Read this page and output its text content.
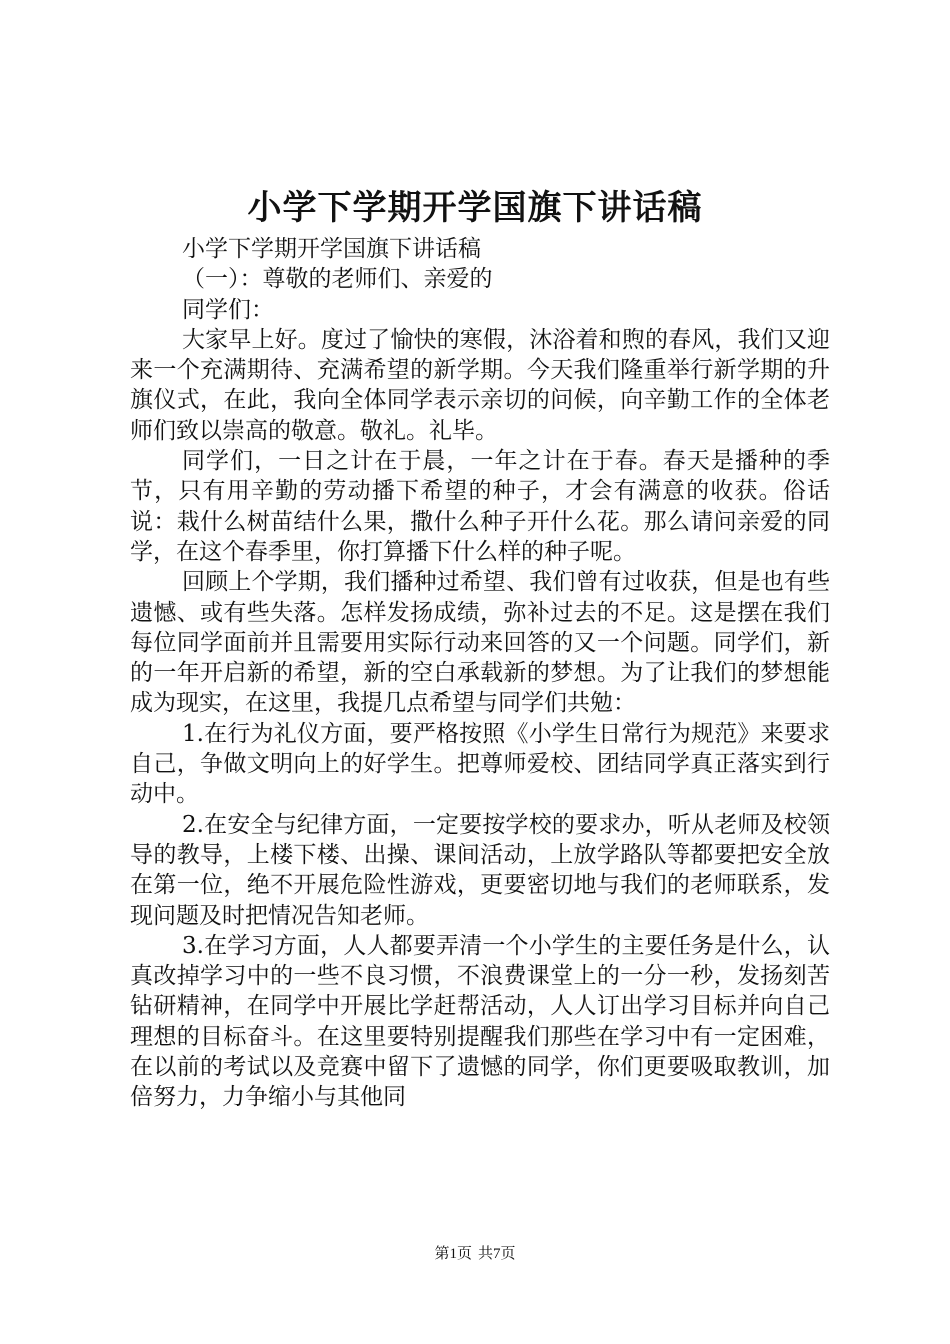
小学下学期开学国旗下讲话稿

小学下学期开学国旗下讲话稿

（一）：尊敬的老师们、亲爱的

同学们：

大家早上好。度过了愉快的寒假，沐浴着和煦的春风，我们又迎来一个充满期待、充满希望的新学期。今天我们隆重举行新学期的升旗仪式，在此，我向全体同学表示亲切的问候，向辛勤工作的全体老师们致以崇高的敬意。敬礼。礼毕。

同学们，一日之计在于晨，一年之计在于春。春天是播种的季节，只有用辛勤的劳动播下希望的种子，才会有满意的收获。俗话说：栽什么树苗结什么果，撒什么种子开什么花。那么请问亲爱的同学，在这个春季里，你打算播下什么样的种子呢。

回顾上个学期，我们播种过希望、我们曾有过收获，但是也有些遗憾、或有些失落。怎样发扬成绩，弥补过去的不足。这是摆在我们每位同学面前并且需要用实际行动来回答的又一个问题。同学们，新的一年开启新的希望，新的空白承载新的梦想。为了让我们的梦想能成为现实，在这里，我提几点希望与同学们共勉：

1.在行为礼仪方面，要严格按照《小学生日常行为规范》来要求自己，争做文明向上的好学生。把尊师爱校、团结同学真正落实到行动中。

2.在安全与纪律方面，一定要按学校的要求办，听从老师及校领导的教导，上楼下楼、出操、课间活动，上放学路队等都要把安全放在第一位，绝不开展危险性游戏，更要密切地与我们的老师联系，发现问题及时把情况告知老师。

3.在学习方面，人人都要弄清一个小学生的主要任务是什么，认真改掉学习中的一些不良习惯，不浪费课堂上的一分一秒，发扬刻苦钻研精神，在同学中开展比学赶帮活动，人人订出学习目标并向自己理想的目标奋斗。在这里要特别提醒我们那些在学习中有一定困难，在以前的考试以及竞赛中留下了遗憾的同学，你们更要吸取教训，加倍努力，力争缩小与其他同

第1页 共7页
